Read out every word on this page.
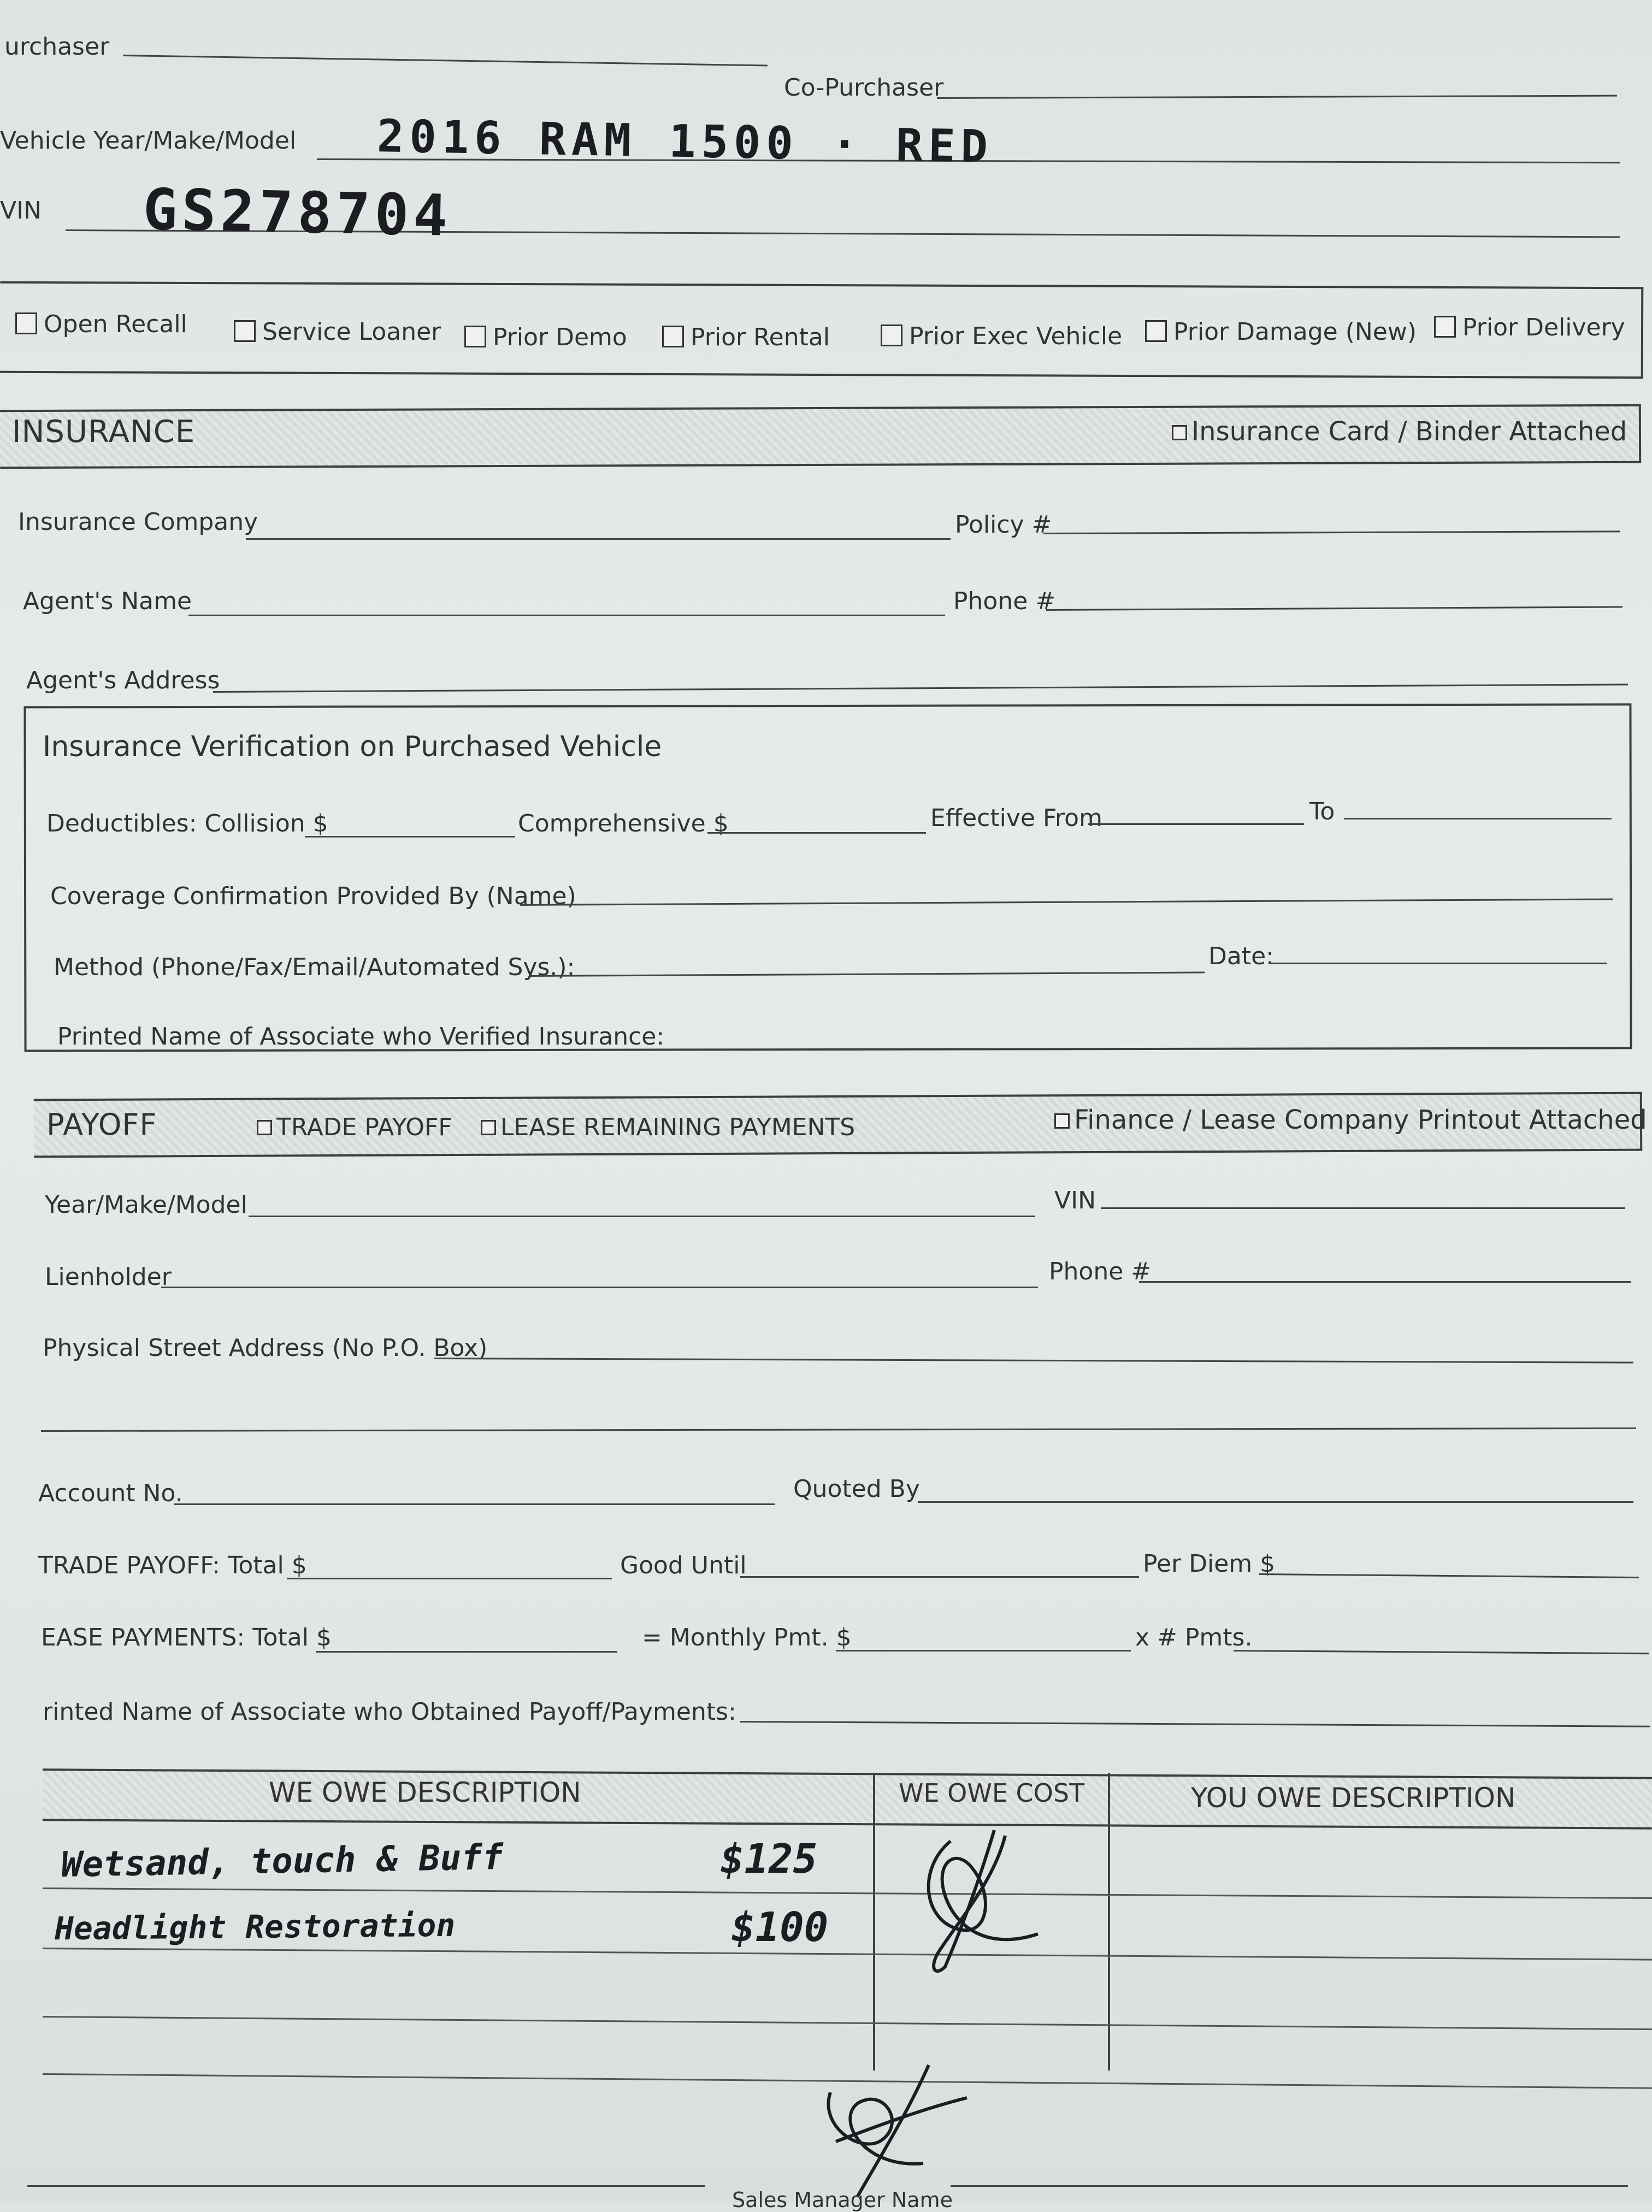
urchaser
Co-Purchaser
Vehicle Year/Make/Model 2016 RAM 1500 · RED
VIN GS278704
Open Recall	Service Loaner	Prior Demo	Prior Rental	Prior Exec Vehicle	Prior Damage (New)	Prior Delivery
INSURANCE	Insurance Card / Binder Attached
Insurance Company	Policy #
Agent's Name	Phone #
Agent's Address
Insurance Verification on Purchased Vehicle
Deductibles: Collision $	Comprehensive $	Effective From	To
Coverage Confirmation Provided By (Name)
Method (Phone/Fax/Email/Automated Sys.):	Date:
Printed Name of Associate who Verified Insurance:
PAYOFF	TRADE PAYOFF	LEASE REMAINING PAYMENTS	Finance / Lease Company Printout Attached
Year/Make/Model	VIN
Lienholder	Phone #
Physical Street Address (No P.O. Box)
Account No.	Quoted By
TRADE PAYOFF: Total $	Good Until	Per Diem $
EASE PAYMENTS: Total $	= Monthly Pmt. $	x # Pmts.
rinted Name of Associate who Obtained Payoff/Payments:
WE OWE DESCRIPTION	WE OWE COST	YOU OWE DESCRIPTION
Wetsand, touch & Buff	$125
Headlight Restoration	$100
Sales Manager Name
